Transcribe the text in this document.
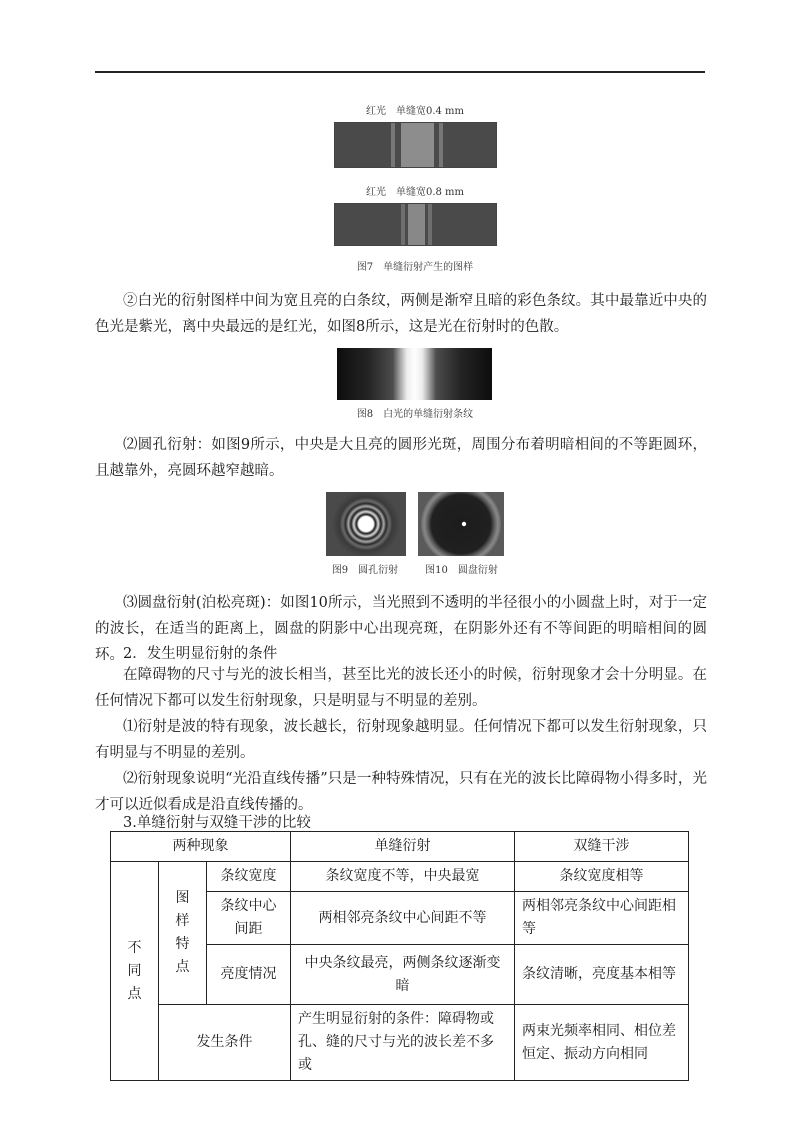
红光　单缝宽0.4 mm
红光　单缝宽0.8 mm
图7　单缝衍射产生的图样

②白光的衍射图样中间为宽且亮的白条纹，两侧是渐窄且暗的彩色条纹。其中最靠近中央的色光是紫光，离中央最远的是红光，如图8所示，这是光在衍射时的色散。

图8　白光的单缝衍射条纹

⑵圆孔衍射：如图9所示，中央是大且亮的圆形光斑，周围分布着明暗相间的不等距圆环，且越靠外，亮圆环越窄越暗。

图9　圆孔衍射	图10　圆盘衍射

⑶圆盘衍射(泊松亮斑)：如图10所示，当光照到不透明的半径很小的小圆盘上时，对于一定的波长，在适当的距离上，圆盘的阴影中心出现亮斑，在阴影外还有不等间距的明暗相间的圆环。 2．发生明显衍射的条件

在障碍物的尺寸与光的波长相当，甚至比光的波长还小的时候，衍射现象才会十分明显。在任何情况下都可以发生衍射现象，只是明显与不明显的差别。

⑴衍射是波的特有现象，波长越长，衍射现象越明显。任何情况下都可以发生衍射现象，只有明显与不明显的差别。

⑵衍射现象说明“光沿直线传播”只是一种特殊情况，只有在光的波长比障碍物小得多时，光才可以近似看成是沿直线传播的。

3.单缝衍射与双缝干涉的比较
两种现象			单缝衍射	双缝干涉
不同点	图样特点	条纹宽度	条纹宽度不等，中央最宽	条纹宽度相等
		条纹中心间距	两相邻亮条纹中心间距不等	两相邻亮条纹中心间距相等
		亮度情况	中央条纹最亮，两侧条纹逐渐变暗	条纹清晰，亮度基本相等
	发生条件		产生明显衍射的条件：障碍物或孔、缝的尺寸与光的波长差不多或	两束光频率相同、相位差恒定、振动方向相同
